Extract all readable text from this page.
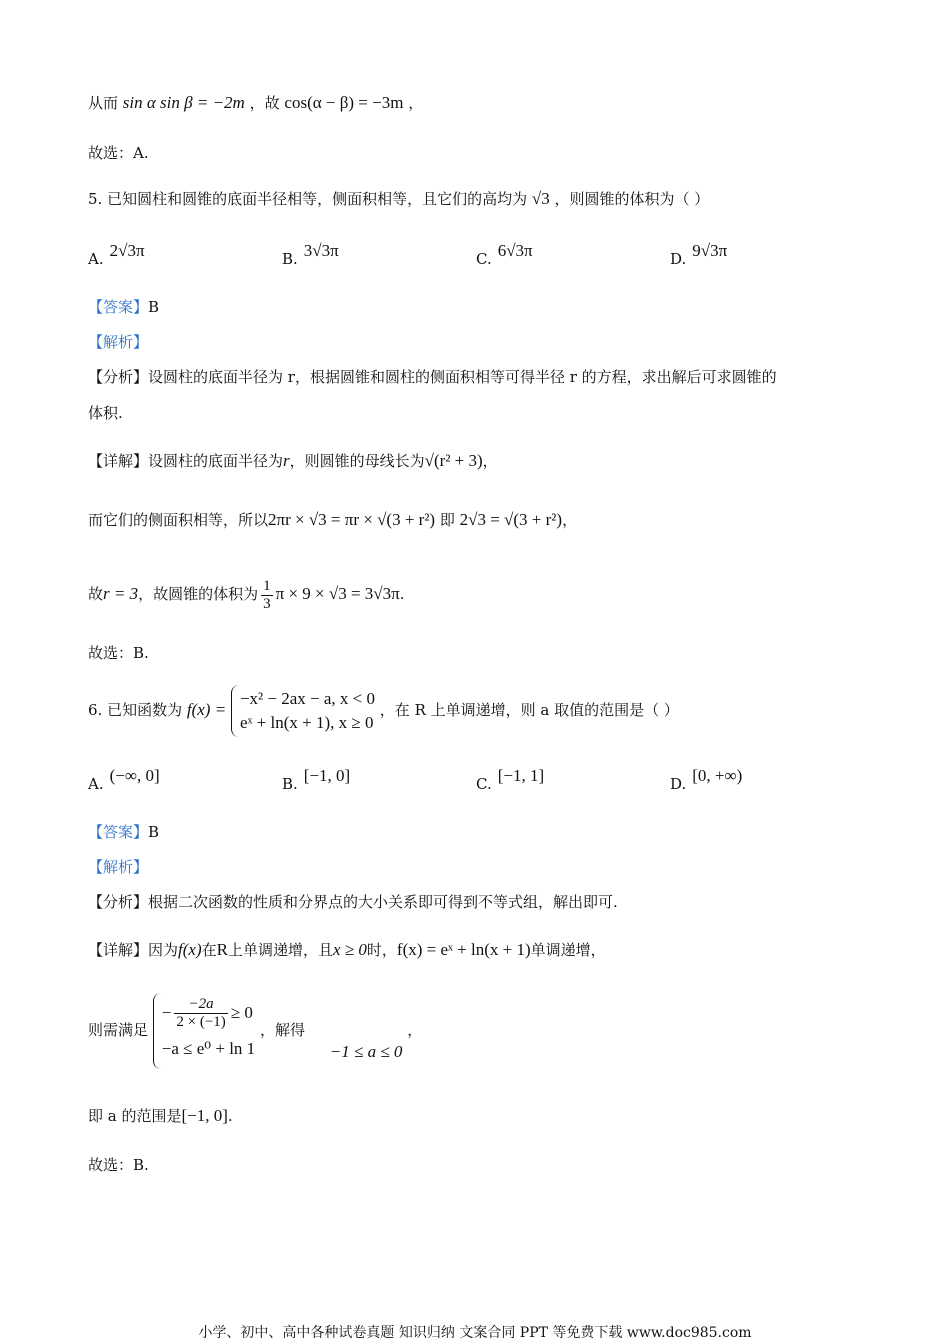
从而 sin α sin β = −2m ，故 cos(α − β) = −3m ，
故选：A.
5. 已知圆柱和圆锥的底面半径相等，侧面积相等，且它们的高均为 √3 ，则圆锥的体积为（ ）
A. 2√3π	B. 3√3π	C. 6√3π	D. 9√3π
【答案】B
【解析】
【分析】设圆柱的底面半径为 r，根据圆锥和圆柱的侧面积相等可得半径 r 的方程，求出解后可求圆锥的
体积.
【详解】设圆柱的底面半径为r，则圆锥的母线长为√(r² + 3)，
而它们的侧面积相等，所以2πr × √3 = πr × √(3 + r²) 即 2√3 = √(3 + r²)，
故r = 3，故圆锥的体积为 $\frac{1}{3}$ π × 9 × √3 = 3√3π.
故选：B.
6. 已知函数为 f(x) =
−x² − 2ax − a, x < 0
eˣ + ln(x + 1), x ≥ 0
，在 R 上单调递增，则 a 取值的范围是（ ）
A. (−∞, 0]	B. [−1, 0]	C. [−1, 1]	D. [0, +∞)
【答案】B
【解析】
【分析】根据二次函数的性质和分界点的大小关系即可得到不等式组，解出即可.
【详解】因为f(x)在R上单调递增，且x ≥ 0时，f(x) = eˣ + ln(x + 1)单调递增，
则需满足
− $\frac{-2a}{2 \times (-1)} \ge 0$
−a ≤ e⁰ + ln 1
，解得 −1 ≤ a ≤ 0 ，
即 a 的范围是[−1, 0].
故选：B.
小学、初中、高中各种试卷真题 知识归纳 文案合同 PPT 等免费下载 www.doc985.com
